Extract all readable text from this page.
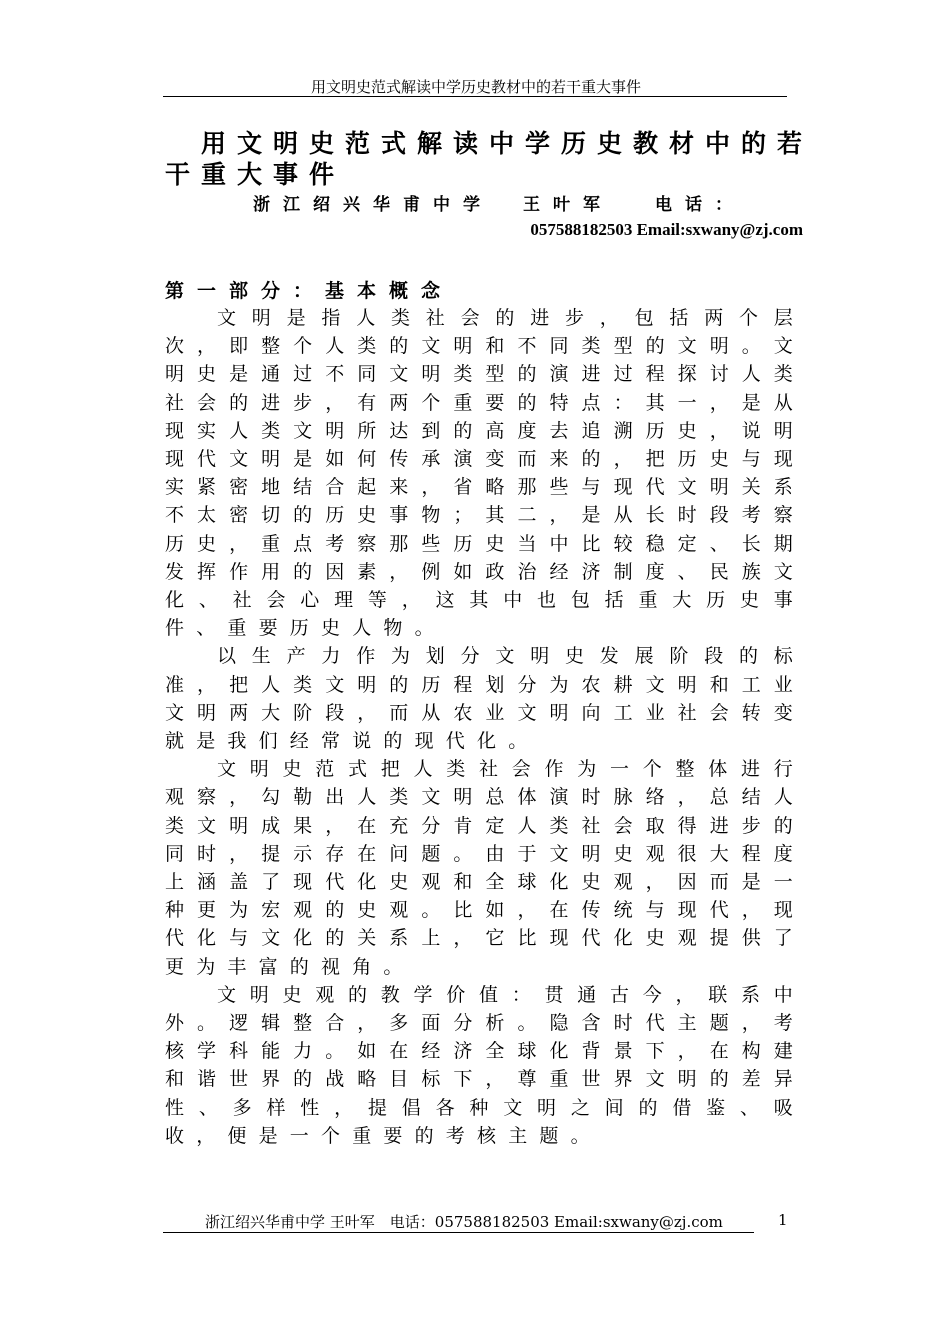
用文明史范式解读中学历史教材中的若干重大事件
用文明史范式解读中学历史教材中的若干重大事件
浙江绍兴华甫中学　王叶军 电话：
057588182503 Email:sxwany@zj.com
第一部分：基本概念

文明是指人类社会的进步，包括两个层次，即整个人类的文明和不同类型的文明。文明史是通过不同文明类型的演进过程探讨人类社会的进步，有两个重要的特点：其一，是从现实人类文明所达到的高度去追溯历史，说明现代文明是如何传承演变而来的，把历史与现实紧密地结合起来，省略那些与现代文明关系不太密切的历史事物；其二，是从长时段考察历史，重点考察那些历史当中比较稳定、长期发挥作用的因素，例如政治经济制度、民族文化、社会心理等，这其中也包括重大历史事件、重要历史人物。

以生产力作为划分文明史发展阶段的标准，把人类文明的历程划分为农耕文明和工业文明两大阶段，而从农业文明向工业社会转变就是我们经常说的现代化。

文明史范式把人类社会作为一个整体进行观察，勾勒出人类文明总体演时脉络，总结人类文明成果，在充分肯定人类社会取得进步的同时，提示存在问题。由于文明史观很大程度上涵盖了现代化史观和全球化史观，因而是一种更为宏观的史观。比如，在传统与现代，现代化与文化的关系上，它比现代化史观提供了更为丰富的视角。

文明史观的教学价值：贯通古今，联系中外。逻辑整合，多面分析。隐含时代主题，考核学科能力。如在经济全球化背景下，在构建和谐世界的战略目标下，尊重世界文明的差异性、多样性，提倡各种文明之间的借鉴、吸收，便是一个重要的考核主题。

浙江绍兴华甫中学 王叶军　电话：057588182503 Email:sxwany@zj.com	1
